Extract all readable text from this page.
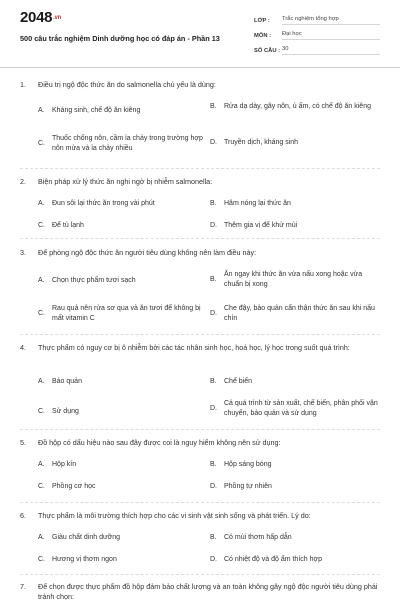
2048.vn
500 câu trắc nghiệm Dinh dưỡng học có đáp án - Phần 13
LỚP :	Trắc nghiệm tổng hợp
MÔN :	Đại học
SỐ CÂU : 30
1.	Điều trị ngộ độc thức ăn do salmonella chủ yếu là dùng:
A.	Kháng sinh, chế độ ăn kiêng
B.	Rửa dạ dày, gây nôn, ủ ấm, có chế độ ăn kiêng
C.
Thuốc chống nôn, cầm ỉa chảy trong trường hợp nôn mửa và ỉa chảy nhiều
D.	Truyền dịch, kháng sinh
2.	Biện pháp xử lý thức ăn nghi ngờ bị nhiễm salmonella:
A.	Đun sôi lại thức ăn trong vài phút	B.	Hâm nóng lại thức ăn
C.	Để tủ lạnh	D.	Thêm gia vị để khử mùi
3.	Để phòng ngộ độc thức ăn người tiêu dùng không nên làm điều này:
A.	Chọn thực phẩm tươi sạch	B.
Ăn ngay khi thức ăn vừa nấu xong hoặc vừa chuẩn bị xong
C.
Rau quả nên rửa sơ qua và ăn tươi để không bị mất vitamin C
D.
Che đậy, bảo quản cẩn thận thức ăn sau khi nấu chín
4.	Thực phẩm có nguy cơ bị ô nhiễm bởi các tác nhân sinh học, hoá học, lý học trong suốt quá trình:
A.	Bảo quản	B.	Chế biến
C.	Sử dụng	D.
Cả quá trình từ sản xuất, chế biến, phân phối vận chuyển, bảo quản và sử dụng
5.	Đồ hộp có dấu hiệu nào sau đây được coi là nguy hiểm không nên sử dụng:
A.	Hộp kín	B.	Hộp sáng bóng
C.	Phồng cơ học	D.	Phồng tự nhiên
6.	Thực phẩm là môi trường thích hợp cho các vi sinh vật sinh sống và phát triển. Lý do:
A.	Giàu chất dinh dưỡng	B.	Có mùi thơm hấp dẫn
C.	Hương vị thơm ngon	D.	Có nhiệt độ và độ ẩm thích hợp
7.	Để chọn được thực phẩm đồ hộp đảm bảo chất lượng và an toàn không gây ngộ độc người tiêu dùng phải tránh chọn:
